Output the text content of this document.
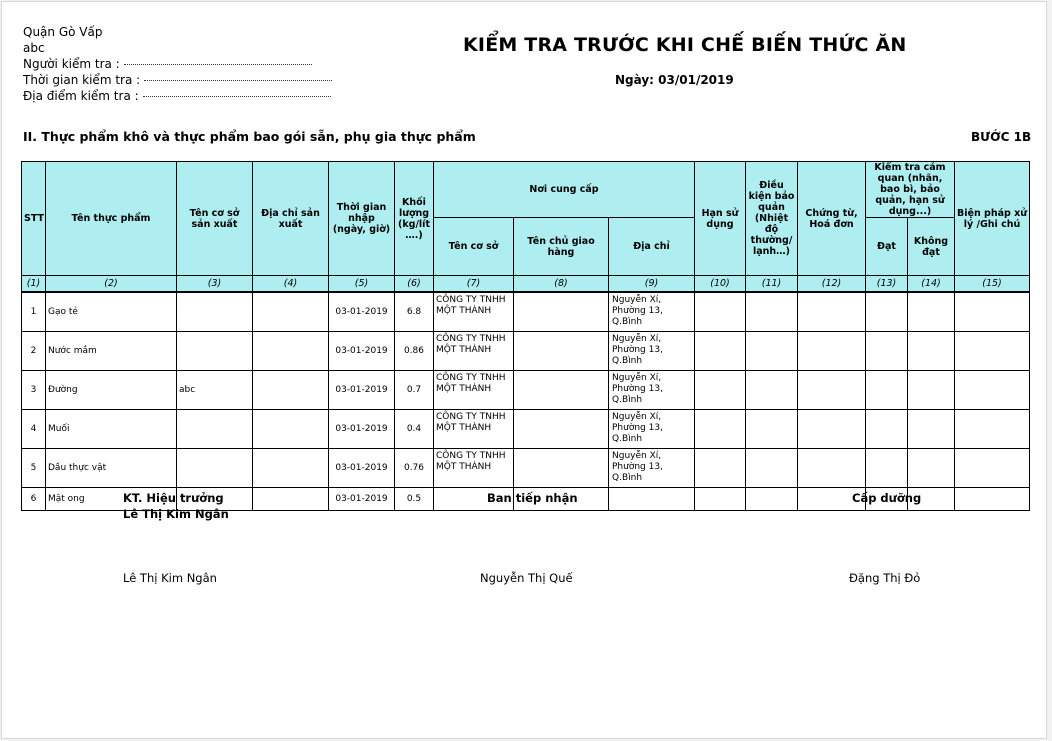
Quận Gò Vấp
abc
Người kiểm tra :
Thời gian kiểm tra :
Địa điểm kiểm tra :
KIỂM TRA TRƯỚC KHI CHẾ BIẾN THỨC ĂN
Ngày: 03/01/2019
II. Thực phẩm khô và thực phẩm bao gói sẵn, phụ gia thực phẩm	BƯỚC 1B
STT	Tên thực phẩm	Tên cơ sở sản xuất	Địa chỉ sản xuất	Thời gian nhập (ngày, giờ)	Khối lượng (kg/lít ….)	Nơi cung cấp			Hạn sử dụng	Điều kiện bảo quản (Nhiệt độ thường/ lạnh…)	Chứng từ, Hoá đơn	Kiểm tra cảm quan (nhãn, bao bì, bảo quản, hạn sử dụng...)		Biện pháp xử lý /Ghi chú
						Tên cơ sở	Tên chủ giao hàng	Địa chỉ				Đạt	Không đạt	
(1)	(2)	(3)	(4)	(5)	(6)	(7)	(8)	(9)	(10)	(11)	(12)	(13)	(14)	(15)
1	Gạo tẻ			03-01-2019	6.8	CÔNG TY TNHH MỘT THÀNH		Nguyễn Xí, Phường 13, Q.Bình						
2	Nước mắm			03-01-2019	0.86	CÔNG TY TNHH MỘT THÀNH		Nguyễn Xí, Phường 13, Q.Bình						
3	Đường	abc		03-01-2019	0.7	CÔNG TY TNHH MỘT THÀNH		Nguyễn Xí, Phường 13, Q.Bình						
4	Muối			03-01-2019	0.4	CÔNG TY TNHH MỘT THÀNH		Nguyễn Xí, Phường 13, Q.Bình						
5	Dầu thực vật			03-01-2019	0.76	CÔNG TY TNHH MỘT THÀNH		Nguyễn Xí, Phường 13, Q.Bình						
6	Mật ong			03-01-2019	0.5									
KT. Hiệu trưởng
Lê Thị Kim Ngân
Ban tiếp nhận	Cấp dưỡng
Lê Thị Kim Ngân	Nguyễn Thị Quế	Đặng Thị Đỏ
